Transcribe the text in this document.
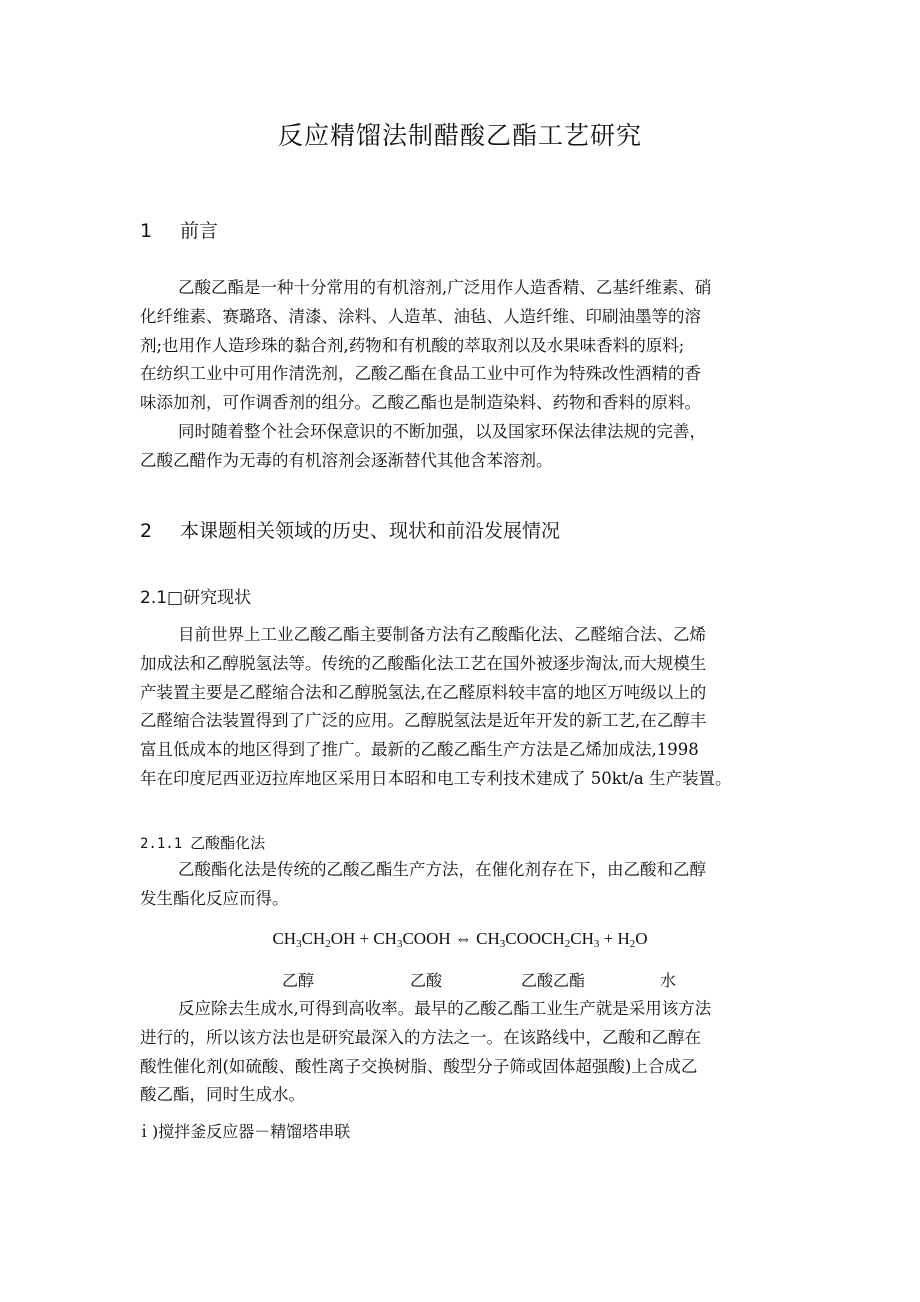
反应精馏法制醋酸乙酯工艺研究
1 前言
乙酸乙酯是一种十分常用的有机溶剂,广泛用作人造香精、乙基纤维素、硝
化纤维素、赛璐珞、清漆、涂料、人造革、油毡、人造纤维、印刷油墨等的溶
剂;也用作人造珍珠的黏合剂,药物和有机酸的萃取剂以及水果味香料的原料;
在纺织工业中可用作清洗剂，乙酸乙酯在食品工业中可作为特殊改性酒精的香
味添加剂，可作调香剂的组分。乙酸乙酯也是制造染料、药物和香料的原料。
同时随着整个社会环保意识的不断加强，以及国家环保法律法规的完善，
乙酸乙醋作为无毒的有机溶剂会逐渐替代其他含苯溶剂。
2 本课题相关领域的历史、现状和前沿发展情况
2.1□研究现状
目前世界上工业乙酸乙酯主要制备方法有乙酸酯化法、乙醛缩合法、乙烯
加成法和乙醇脱氢法等。传统的乙酸酯化法工艺在国外被逐步淘汰,而大规模生
产装置主要是乙醛缩合法和乙醇脱氢法,在乙醛原料较丰富的地区万吨级以上的
乙醛缩合法装置得到了广泛的应用。乙醇脱氢法是近年开发的新工艺,在乙醇丰
富且低成本的地区得到了推广。最新的乙酸乙酯生产方法是乙烯加成法,1998
年在印度尼西亚迈拉库地区采用日本昭和电工专利技术建成了 50kt/a 生产装置。
2.1.1 乙酸酯化法
乙酸酯化法是传统的乙酸乙酯生产方法，在催化剂存在下，由乙酸和乙醇
发生酯化反应而得。
$CH_3CH_2OH$ + $CH_3COOH$ ⇔ $CH_3COOCH_2CH_3 + H_2O$
乙醇	乙酸	乙酸乙酯	水
反应除去生成水,可得到高收率。最早的乙酸乙酯工业生产就是采用该方法
进行的，所以该方法也是研究最深入的方法之一。在该路线中，乙酸和乙醇在
酸性催化剂(如硫酸、酸性离子交换树脂、酸型分子筛或固体超强酸)上合成乙
酸乙酯，同时生成水。
ｉ)搅拌釜反应器－精馏塔串联
